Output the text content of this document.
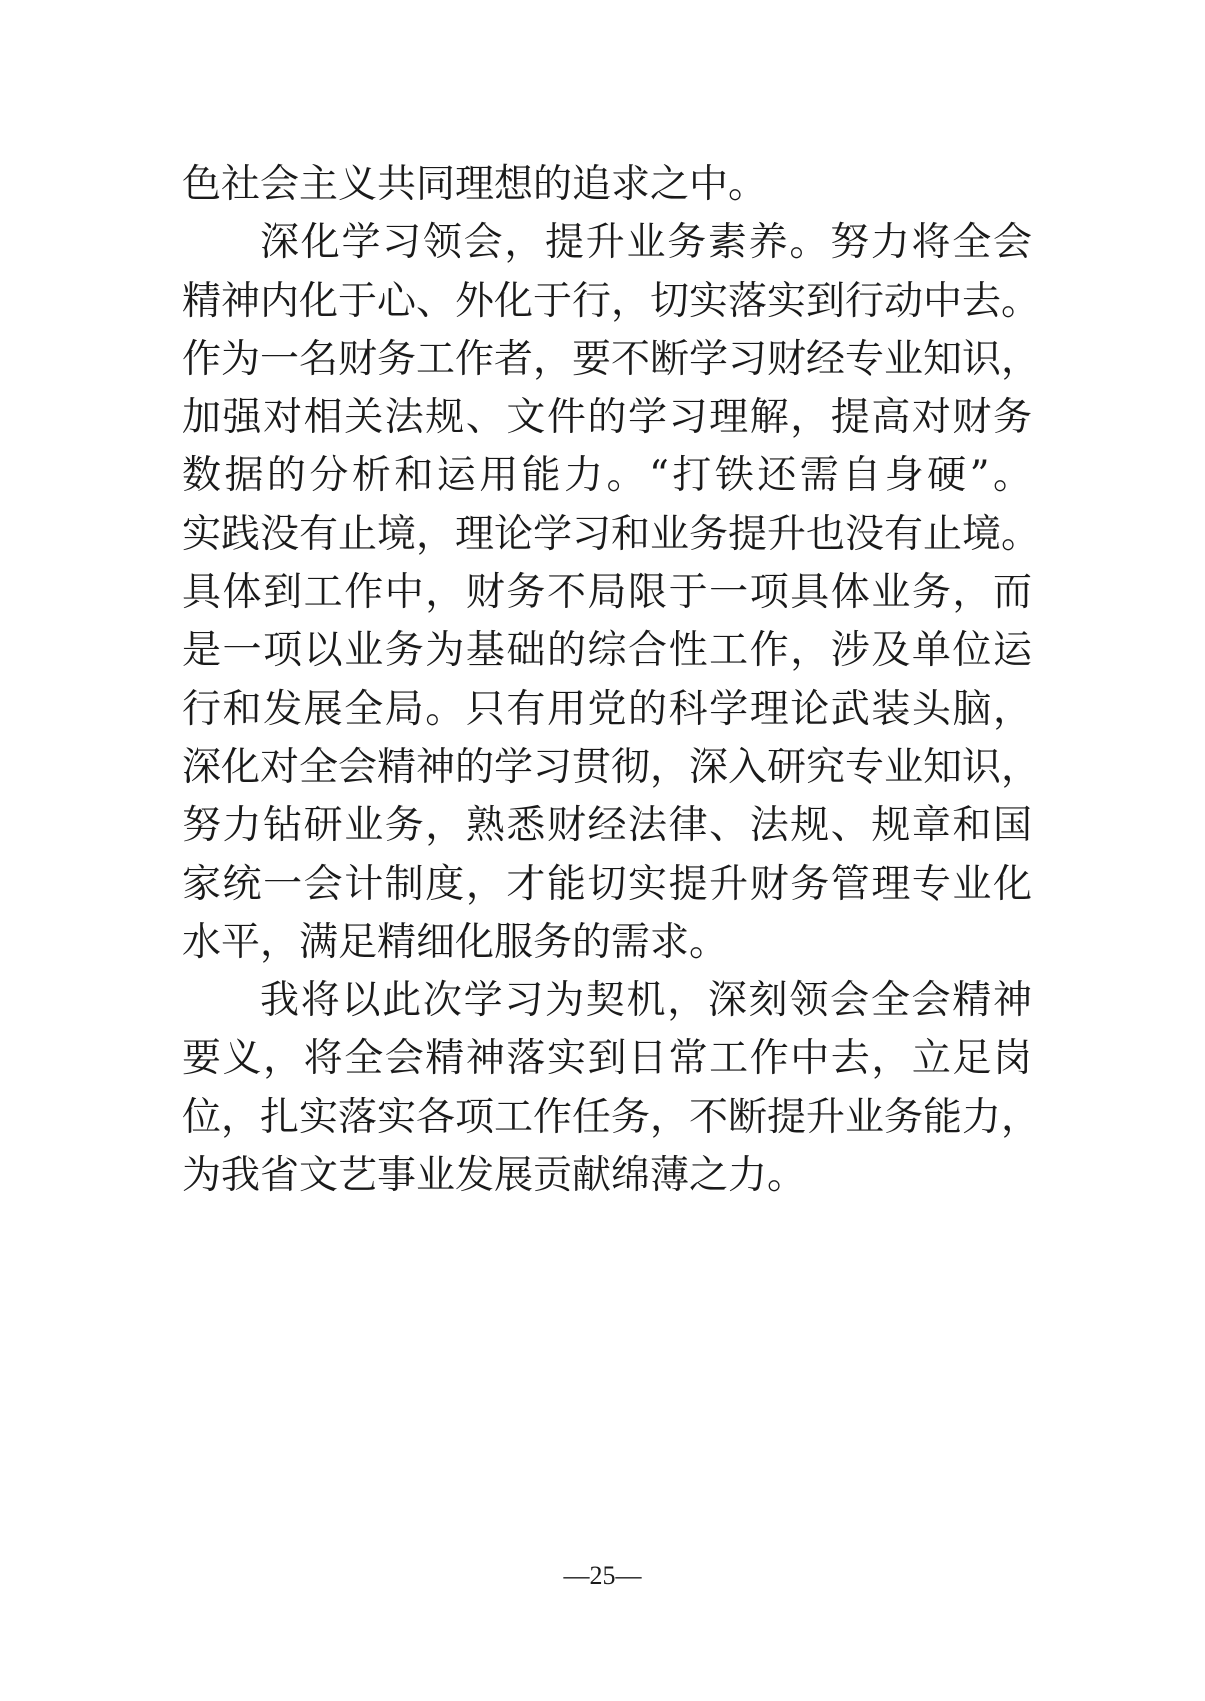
色社会主义共同理想的追求之中。
深化学习领会，提升业务素养。努力将全会
精神内化于心、外化于行，切实落实到行动中去。
作为一名财务工作者，要不断学习财经专业知识，
加强对相关法规、文件的学习理解，提高对财务
数据的分析和运用能力。“打铁还需自身硬”。
实践没有止境，理论学习和业务提升也没有止境。
具体到工作中，财务不局限于一项具体业务，而
是一项以业务为基础的综合性工作，涉及单位运
行和发展全局。只有用党的科学理论武装头脑，
深化对全会精神的学习贯彻，深入研究专业知识，
努力钻研业务，熟悉财经法律、法规、规章和国
家统一会计制度，才能切实提升财务管理专业化
水平，满足精细化服务的需求。
我将以此次学习为契机，深刻领会全会精神
要义，将全会精神落实到日常工作中去，立足岗
位，扎实落实各项工作任务，不断提升业务能力，
为我省文艺事业发展贡献绵薄之力。
—25—
